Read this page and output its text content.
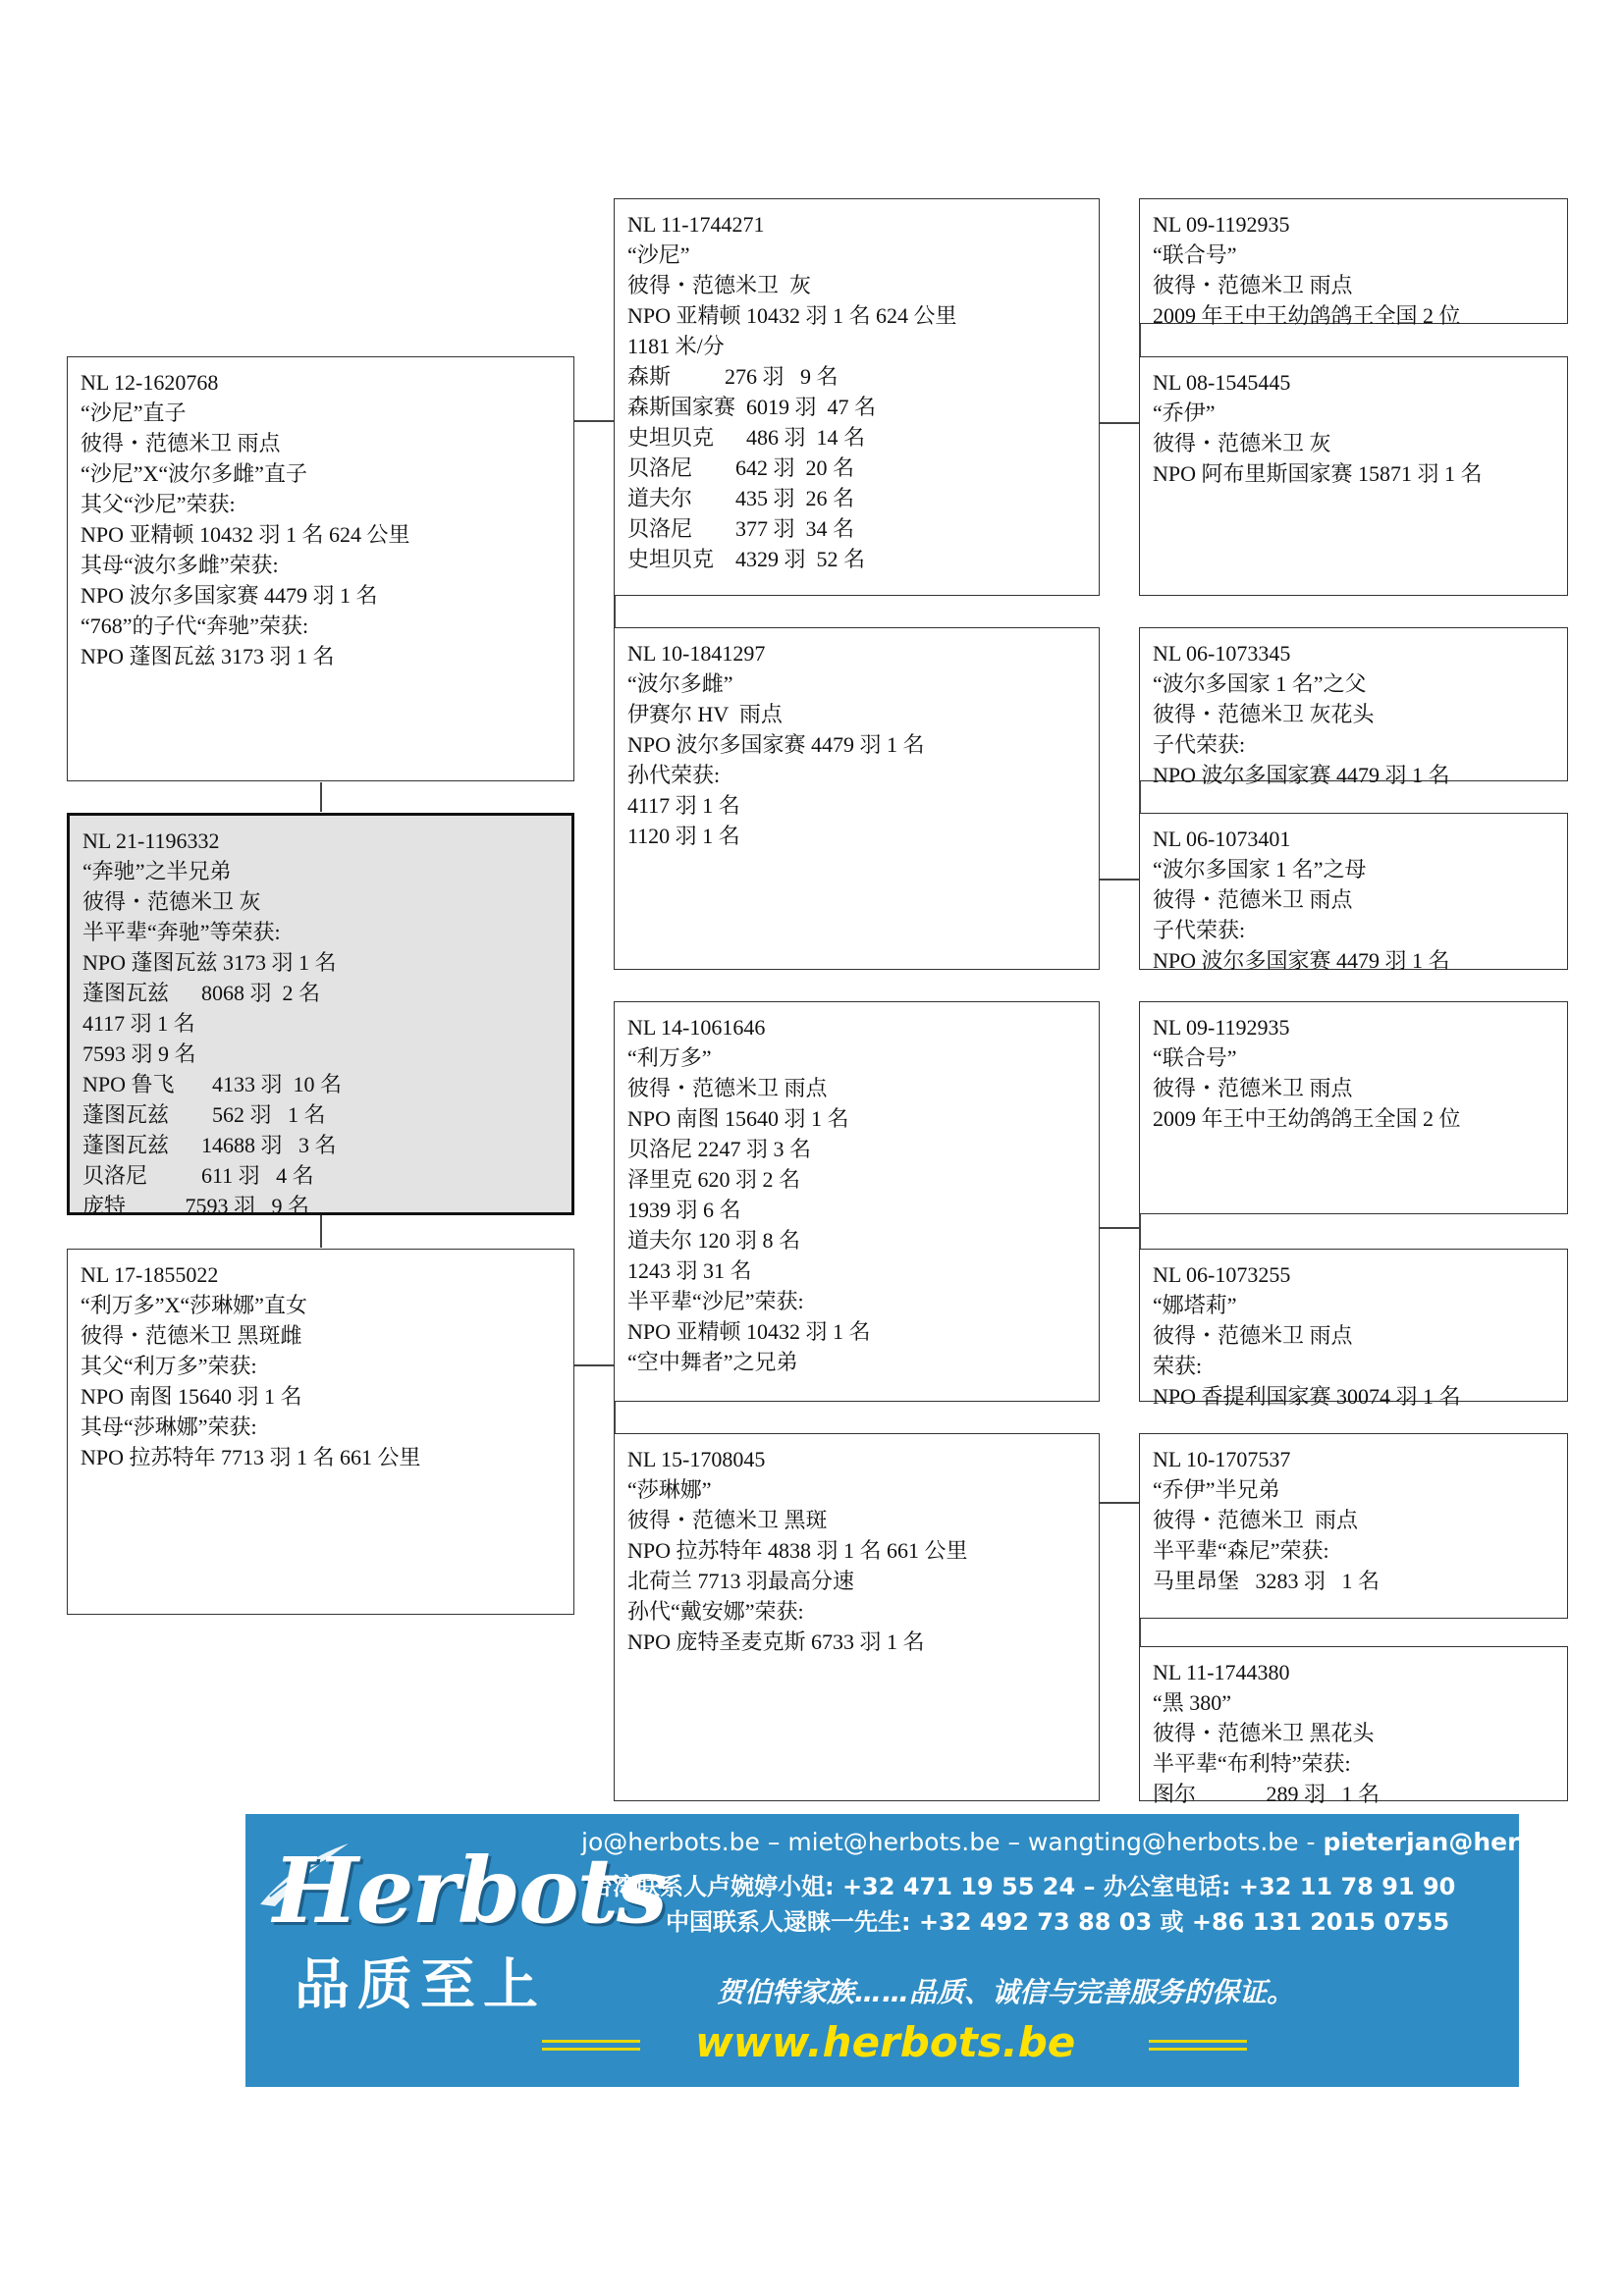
NL 21-1196332
“奔驰”之半兄弟
彼得・范德米卫 灰
半平辈“奔驰”等荣获:
NPO 蓬图瓦兹 3173 羽 1 名
蓬图瓦兹      8068 羽  2 名
4117 羽 1 名
7593 羽 9 名
NPO 鲁飞       4133 羽  10 名
蓬图瓦兹        562 羽   1 名
蓬图瓦兹      14688 羽   3 名
贝洛尼          611 羽   4 名
庞特           7593 羽   9 名
NL 12-1620768
“沙尼”直子
彼得・范德米卫 雨点
“沙尼”X“波尔多雌”直子
其父“沙尼”荣获:
NPO 亚精顿 10432 羽 1 名 624 公里
其母“波尔多雌”荣获:
NPO 波尔多国家赛 4479 羽 1 名
“768”的子代“奔驰”荣获:
NPO 蓬图瓦兹 3173 羽 1 名
NL 17-1855022
“利万多”X“莎琳娜”直女
彼得・范德米卫 黑斑雌
其父“利万多”荣获:
NPO 南图 15640 羽 1 名
其母“莎琳娜”荣获:
NPO 拉苏特年 7713 羽 1 名 661 公里
NL 11-1744271
“沙尼”
彼得・范德米卫  灰
NPO 亚精顿 10432 羽 1 名 624 公里
1181 米/分
森斯          276 羽   9 名
森斯国家赛  6019 羽  47 名
史坦贝克      486 羽  14 名
贝洛尼        642 羽  20 名
道夫尔        435 羽  26 名
贝洛尼        377 羽  34 名
史坦贝克    4329 羽  52 名
NL 10-1841297
“波尔多雌”
伊赛尔 HV  雨点
NPO 波尔多国家赛 4479 羽 1 名
孙代荣获:
4117 羽 1 名
1120 羽 1 名
NL 14-1061646
“利万多”
彼得・范德米卫 雨点
NPO 南图 15640 羽 1 名
贝洛尼 2247 羽 3 名
泽里克 620 羽 2 名
1939 羽 6 名
道夫尔 120 羽 8 名
1243 羽 31 名
半平辈“沙尼”荣获:
NPO 亚精顿 10432 羽 1 名
“空中舞者”之兄弟
NL 15-1708045
“莎琳娜”
彼得・范德米卫 黑斑
NPO 拉苏特年 4838 羽 1 名 661 公里
北荷兰 7713 羽最高分速
孙代“戴安娜”荣获:
NPO 庞特圣麦克斯 6733 羽 1 名
NL 09-1192935
“联合号”
彼得・范德米卫 雨点
2009 年王中王幼鸽鸽王全国 2 位
NL 08-1545445
“乔伊”
彼得・范德米卫 灰
NPO 阿布里斯国家赛 15871 羽 1 名
NL 06-1073345
“波尔多国家 1 名”之父
彼得・范德米卫 灰花头
子代荣获:
NPO 波尔多国家赛 4479 羽 1 名
NL 06-1073401
“波尔多国家 1 名”之母
彼得・范德米卫 雨点
子代荣获:
NPO 波尔多国家赛 4479 羽 1 名
NL 09-1192935
“联合号”
彼得・范德米卫 雨点
2009 年王中王幼鸽鸽王全国 2 位
NL 06-1073255
“娜塔莉”
彼得・范德米卫 雨点
荣获:
NPO 香提利国家赛 30074 羽 1 名
NL 10-1707537
“乔伊”半兄弟
彼得・范德米卫  雨点
半平辈“森尼”荣获:
马里昂堡   3283 羽   1 名
NL 11-1744380
“黑 380”
彼得・范德米卫 黑花头
半平辈“布利特”荣获:
图尔             289 羽   1 名
Herbots
品质至上
jo@herbots.be – miet@herbots.be – wangting@herbots.be - pieterjan@herbots.be
台湾联系人卢婉婷小姐: +32 471 19 55 24 – 办公室电话: +32 11 78 91 90
中国联系人逯睐一先生: +32 492 73 88 03 或 +86 131 2015 0755
贺伯特家族……品质、诚信与完善服务的保证。
www.herbots.be
